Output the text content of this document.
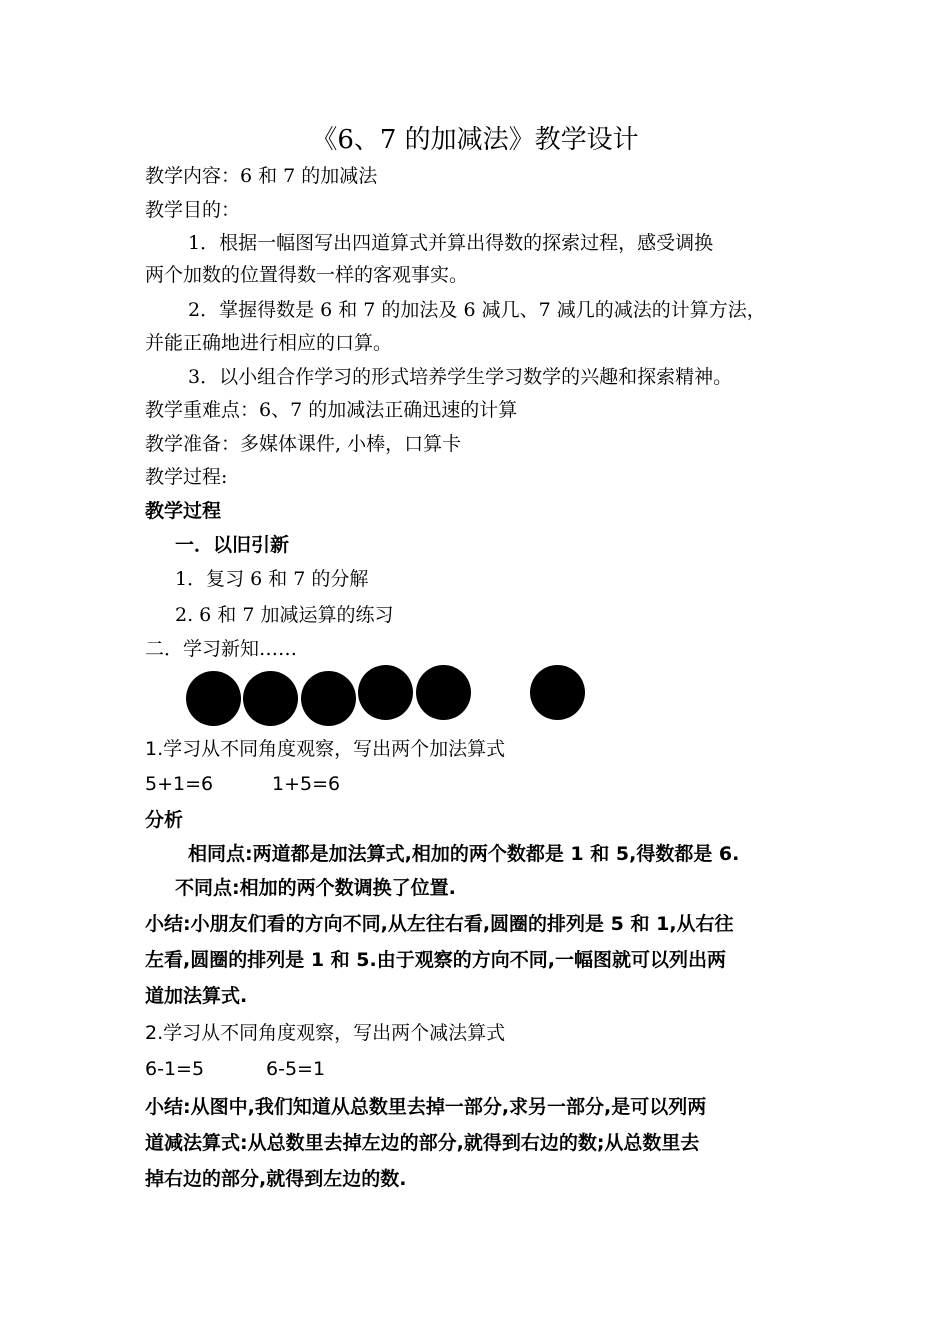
《6、7 的加减法》教学设计
教学内容：6 和 7 的加减法
教学目的：
1．根据一幅图写出四道算式并算出得数的探索过程，感受调换
两个加数的位置得数一样的客观事实。
2．掌握得数是 6 和 7 的加法及 6 减几、7 减几的减法的计算方法，
并能正确地进行相应的口算。
3．以小组合作学习的形式培养学生学习数学的兴趣和探索精神。
教学重难点：6、7 的加减法正确迅速的计算
教学准备：多媒体课件, 小棒，口算卡
教学过程:
教学过程
一．以旧引新
1．复习 6 和 7 的分解
2. 6 和 7 加减运算的练习
二．学习新知……
1.学习从不同角度观察，写出两个加法算式
5+1=6	1+5=6
分析
相同点:两道都是加法算式,相加的两个数都是 1 和 5,得数都是 6.
不同点:相加的两个数调换了位置.
小结:小朋友们看的方向不同,从左往右看,圆圈的排列是 5 和 1,从右往
左看,圆圈的排列是 1 和 5.由于观察的方向不同,一幅图就可以列出两
道加法算式.
2.学习从不同角度观察，写出两个减法算式
6-1=5	6-5=1
小结:从图中,我们知道从总数里去掉一部分,求另一部分,是可以列两
道减法算式:从总数里去掉左边的部分,就得到右边的数;从总数里去
掉右边的部分,就得到左边的数.
